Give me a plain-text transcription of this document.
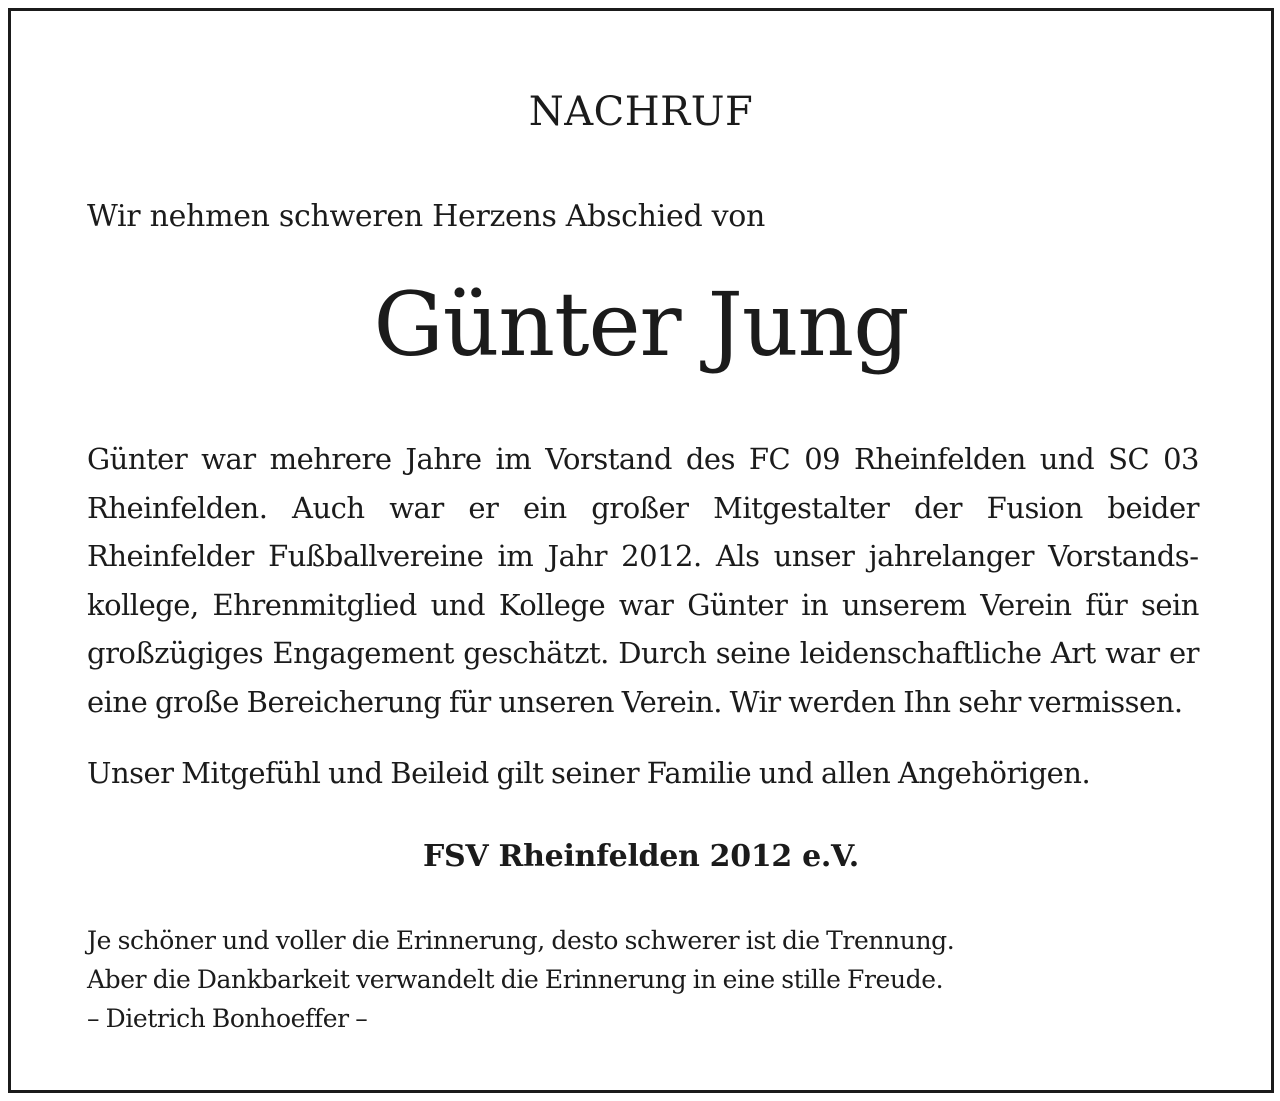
NACHRUF
Wir nehmen schweren Herzens Abschied von
Günter Jung
Günter war mehrere Jahre im Vorstand des FC 09 Rheinfelden und SC 03 Rheinfelden. Auch war er ein großer Mitgestalter der Fusion beider Rheinfelder Fußballvereine im Jahr 2012. Als unser jahrelanger Vorstandskollege, Ehrenmitglied und Kollege war Günter in unserem Verein für sein großzügiges Engagement geschätzt. Durch seine leidenschaftliche Art war er eine große Bereicherung für unseren Verein. Wir werden Ihn sehr vermissen.
Unser Mitgefühl und Beileid gilt seiner Familie und allen Angehörigen.
FSV Rheinfelden 2012 e.V.
Je schöner und voller die Erinnerung, desto schwerer ist die Trennung.
Aber die Dankbarkeit verwandelt die Erinnerung in eine stille Freude.
– Dietrich Bonhoeffer –
